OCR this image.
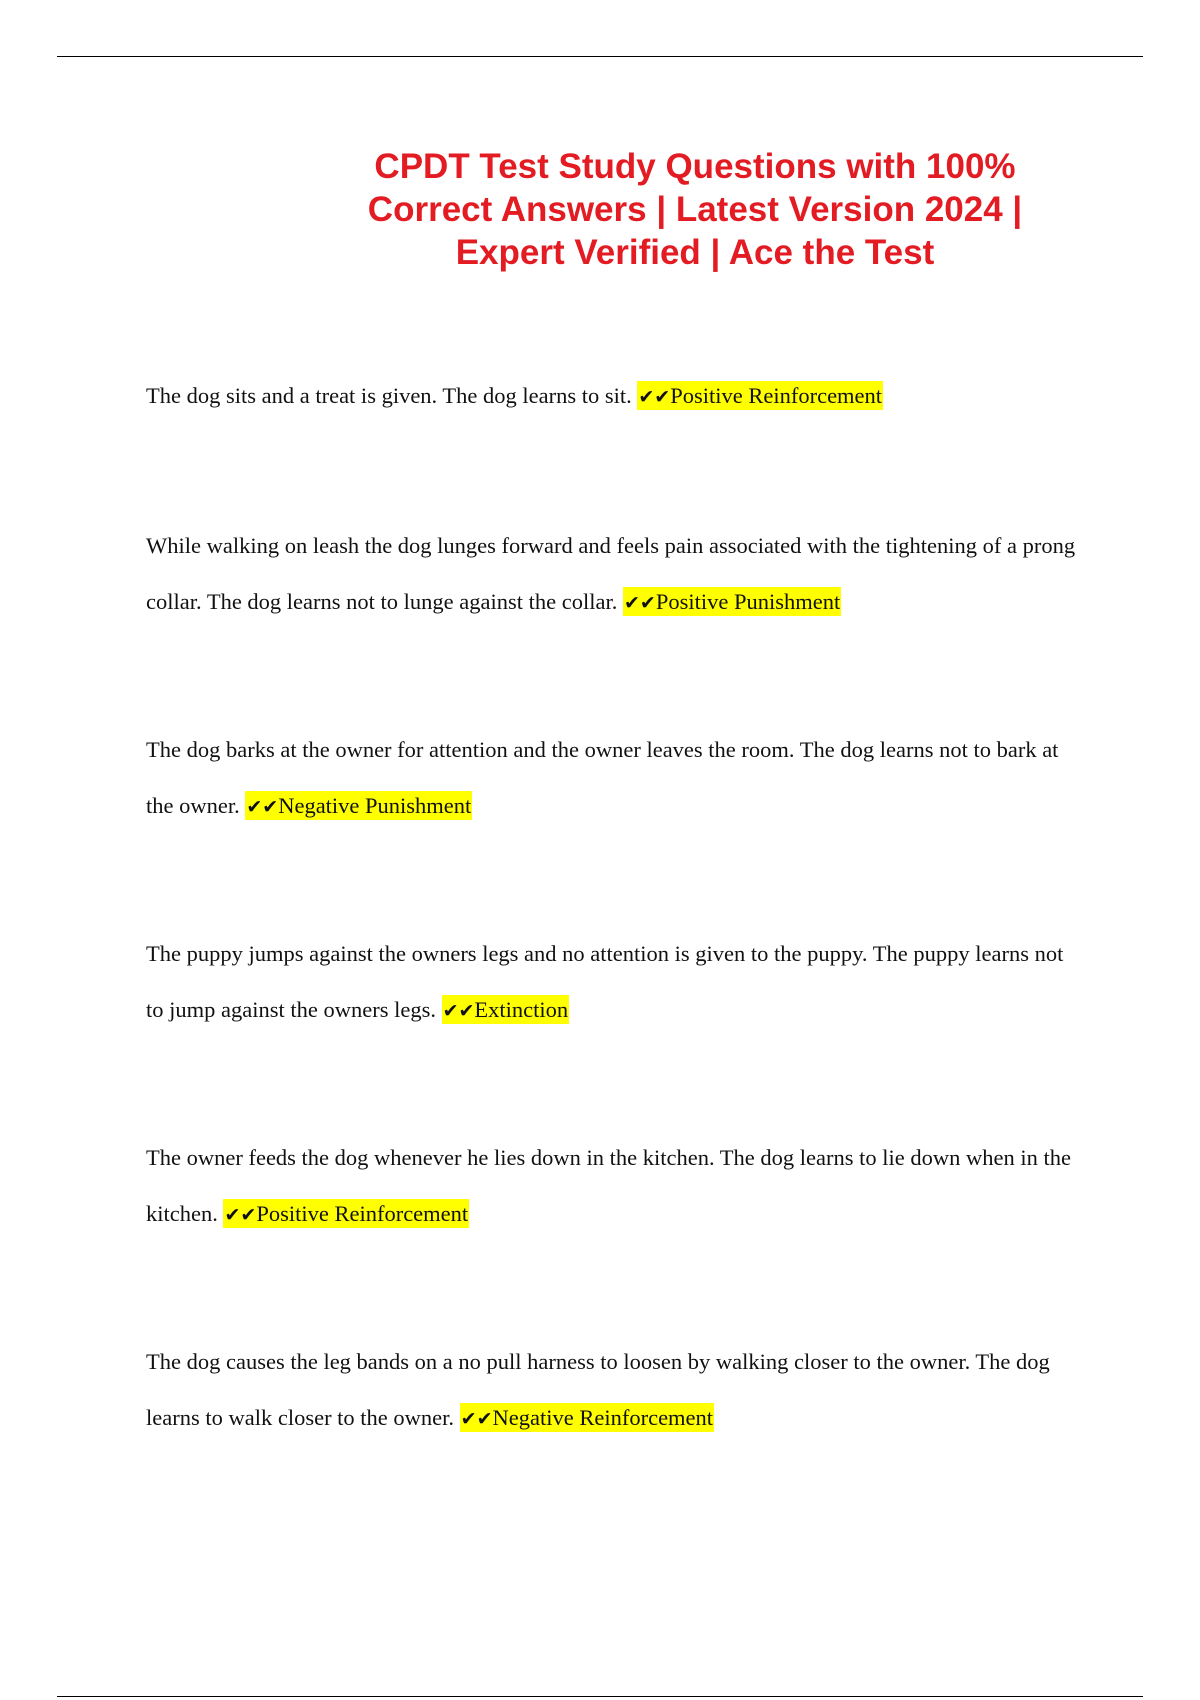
CPDT Test Study Questions with 100% Correct Answers | Latest Version 2024 | Expert Verified | Ace the Test

The dog sits and a treat is given. The dog learns to sit. ✔✔Positive Reinforcement

While walking on leash the dog lunges forward and feels pain associated with the tightening of a prong collar. The dog learns not to lunge against the collar. ✔✔Positive Punishment

The dog barks at the owner for attention and the owner leaves the room. The dog learns not to bark at the owner. ✔✔Negative Punishment

The puppy jumps against the owners legs and no attention is given to the puppy. The puppy learns not to jump against the owners legs. ✔✔Extinction

The owner feeds the dog whenever he lies down in the kitchen. The dog learns to lie down when in the kitchen. ✔✔Positive Reinforcement

The dog causes the leg bands on a no pull harness to loosen by walking closer to the owner. The dog learns to walk closer to the owner. ✔✔Negative Reinforcement
